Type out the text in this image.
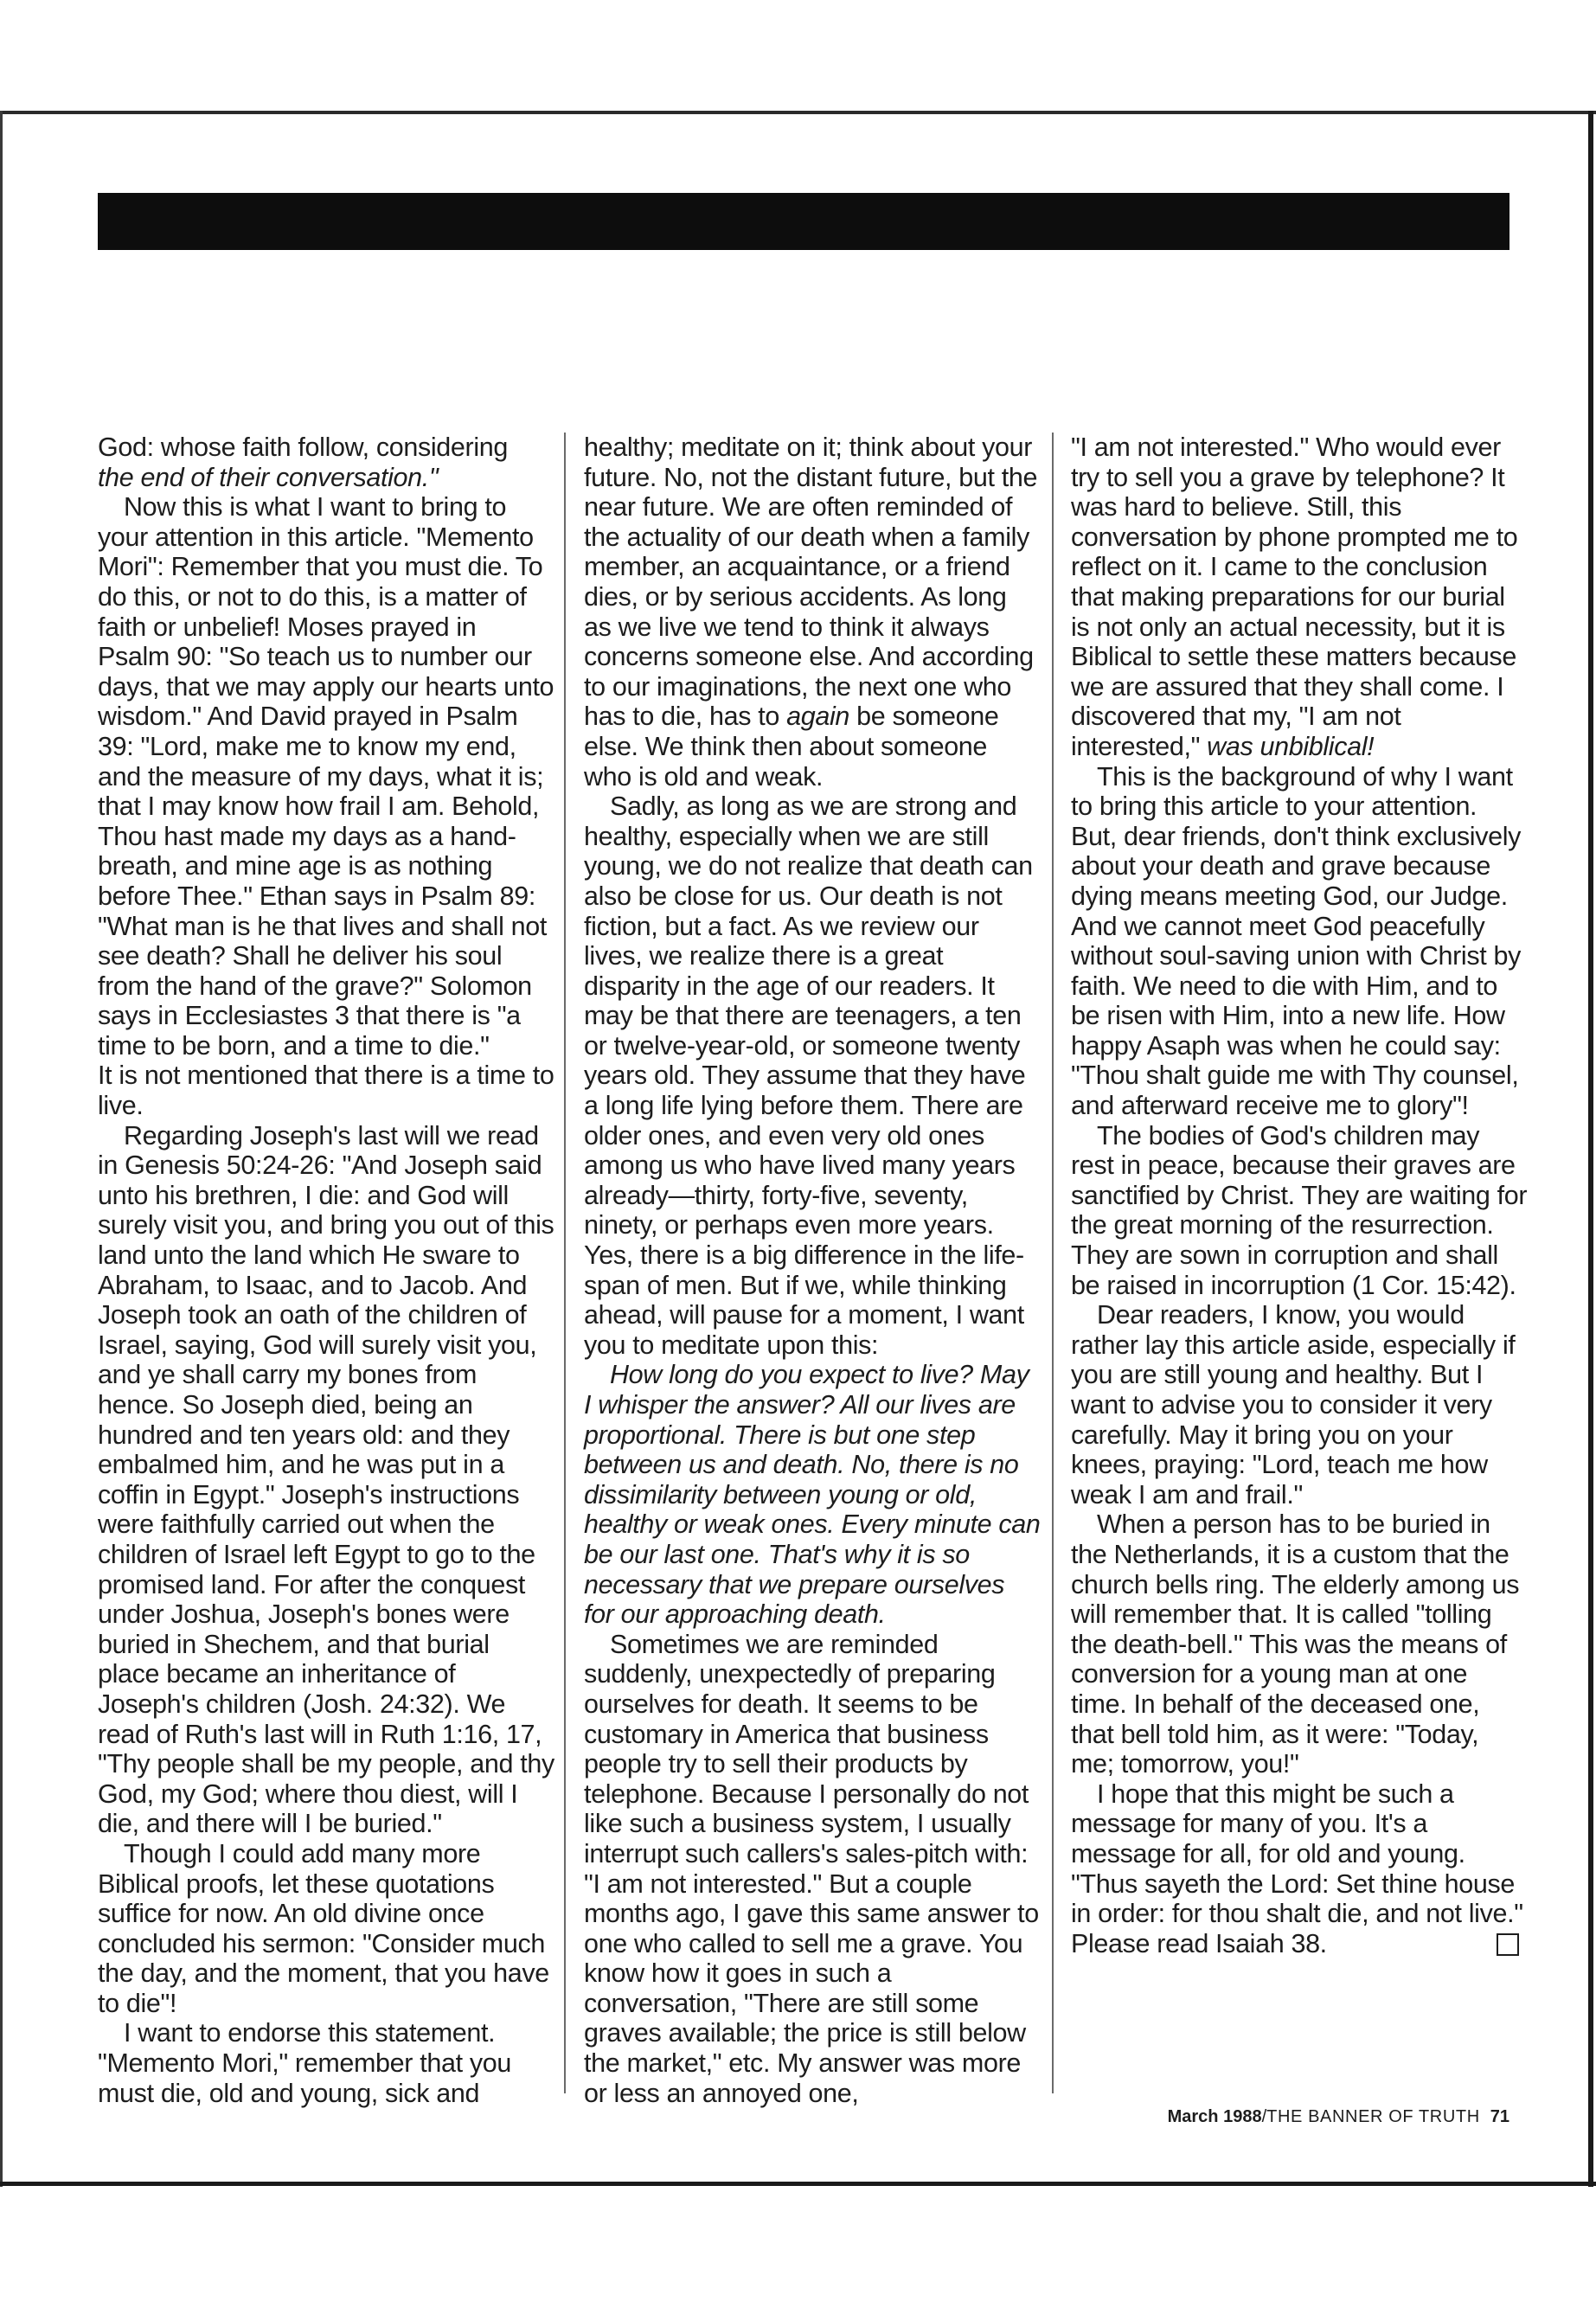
God: whose faith follow, considering

the end of their conversation."

Now this is what I want to bring to your attention in this article. "Memento Mori": Remember that you must die. To do this, or not to do this, is a matter of faith or unbelief! Moses prayed in Psalm 90: "So teach us to number our days, that we may apply our hearts unto wisdom." And David prayed in Psalm 39: "Lord, make me to know my end, and the measure of my days, what it is; that I may know how frail I am. Behold, Thou hast made my days as a hand-breath, and mine age is as nothing before Thee." Ethan says in Psalm 89: "What man is he that lives and shall not see death? Shall he deliver his soul from the hand of the grave?" Solomon says in Ecclesiastes 3 that there is "a time to be born, and a time to die."

It is not mentioned that there is a time to live.

Regarding Joseph's last will we read in Genesis 50:24-26: "And Joseph said unto his brethren, I die: and God will surely visit you, and bring you out of this land unto the land which He sware to Abraham, to Isaac, and to Jacob. And Joseph took an oath of the children of Israel, saying, God will surely visit you, and ye shall carry my bones from hence. So Joseph died, being an hundred and ten years old: and they embalmed him, and he was put in a coffin in Egypt." Joseph's instructions were faithfully carried out when the children of Israel left Egypt to go to the promised land. For after the conquest under Joshua, Joseph's bones were buried in Shechem, and that burial place became an inheritance of Joseph's children (Josh. 24:32). We read of Ruth's last will in Ruth 1:16, 17, "Thy people shall be my people, and thy God, my God; where thou diest, will I die, and there will I be buried."

Though I could add many more Biblical proofs, let these quotations suffice for now. An old divine once concluded his sermon: "Consider much the day, and the moment, that you have to die"!

I want to endorse this statement. "Memento Mori," remember that you must die, old and young, sick and

healthy; meditate on it; think about your future. No, not the distant future, but the near future. We are often reminded of the actuality of our death when a family member, an acquaintance, or a friend dies, or by serious accidents. As long as we live we tend to think it always concerns someone else. And according to our imaginations, the next one who has to die, has to again be someone else. We think then about someone who is old and weak.

Sadly, as long as we are strong and healthy, especially when we are still young, we do not realize that death can also be close for us. Our death is not fiction, but a fact. As we review our lives, we realize there is a great disparity in the age of our readers. It may be that there are teenagers, a ten or twelve-year-old, or someone twenty years old. They assume that they have a long life lying before them. There are older ones, and even very old ones among us who have lived many years already—thirty, forty-five, seventy, ninety, or perhaps even more years. Yes, there is a big difference in the life-span of men. But if we, while thinking ahead, will pause for a moment, I want you to meditate upon this:

How long do you expect to live? May I whisper the answer? All our lives are proportional. There is but one step between us and death. No, there is no dissimilarity between young or old, healthy or weak ones. Every minute can be our last one. That's why it is so necessary that we prepare ourselves for our approaching death.

Sometimes we are reminded suddenly, unexpectedly of preparing ourselves for death. It seems to be customary in America that business people try to sell their products by telephone. Because I personally do not like such a business system, I usually interrupt such callers's sales-pitch with: "I am not interested." But a couple months ago, I gave this same answer to one who called to sell me a grave. You know how it goes in such a conversation, "There are still some graves available; the price is still below the market," etc. My answer was more or less an annoyed one,

"I am not interested." Who would ever try to sell you a grave by telephone? It was hard to believe. Still, this conversation by phone prompted me to reflect on it. I came to the conclusion that making preparations for our burial is not only an actual necessity, but it is Biblical to settle these matters because we are assured that they shall come. I discovered that my, "I am not interested," was unbiblical!

This is the background of why I want to bring this article to your attention. But, dear friends, don't think exclusively about your death and grave because dying means meeting God, our Judge. And we cannot meet God peacefully without soul-saving union with Christ by faith. We need to die with Him, and to be risen with Him, into a new life. How happy Asaph was when he could say: "Thou shalt guide me with Thy counsel, and afterward receive me to glory"!

The bodies of God's children may rest in peace, because their graves are sanctified by Christ. They are waiting for the great morning of the resurrection. They are sown in corruption and shall be raised in incorruption (1 Cor. 15:42).

Dear readers, I know, you would rather lay this article aside, especially if you are still young and healthy. But I want to advise you to consider it very carefully. May it bring you on your knees, praying: "Lord, teach me how weak I am and frail."

When a person has to be buried in the Netherlands, it is a custom that the church bells ring. The elderly among us will remember that. It is called "tolling the death-bell." This was the means of conversion for a young man at one time. In behalf of the deceased one, that bell told him, as it were: "Today, me; tomorrow, you!"

I hope that this might be such a message for many of you. It's a message for all, for old and young. "Thus sayeth the Lord: Set thine house in order: for thou shalt die, and not live." Please read Isaiah 38.

March 1988/THE BANNER OF TRUTH 71
